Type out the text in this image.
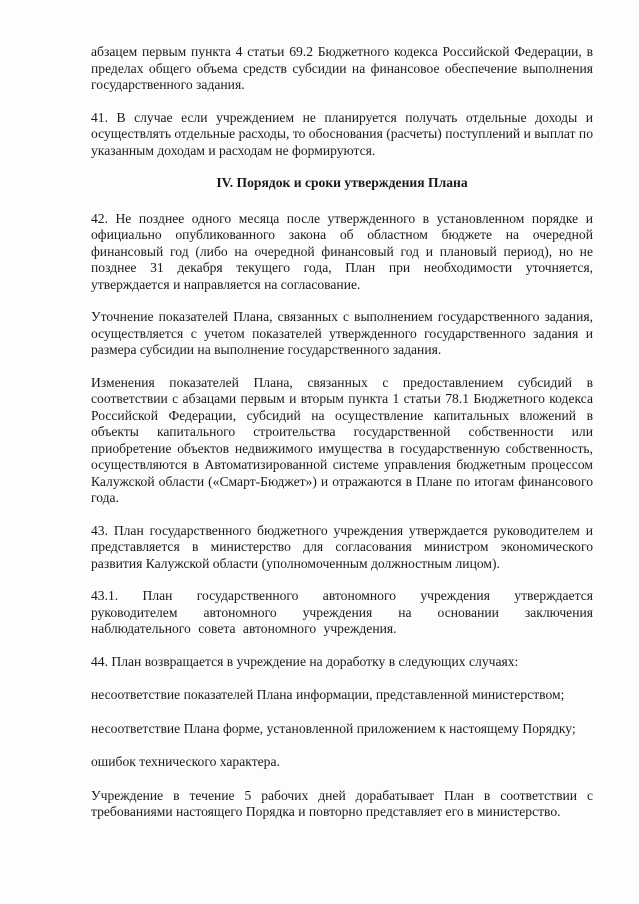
абзацем первым пункта 4 статьи 69.2 Бюджетного кодекса Российской Федерации, в пределах общего объема средств субсидии на финансовое обеспечение выполнения государственного задания.

41. В случае если учреждением не планируется получать отдельные доходы и осуществлять отдельные расходы, то обоснования (расчеты) поступлений и выплат по указанным доходам и расходам не формируются.

IV. Порядок и сроки утверждения Плана

42. Не позднее одного месяца после утвержденного в установленном порядке и официально опубликованного закона об областном бюджете на очередной финансовый год (либо на очередной финансовый год и плановый период), но не позднее 31 декабря текущего года, План при необходимости уточняется, утверждается и направляется на согласование.

Уточнение показателей Плана, связанных с выполнением государственного задания, осуществляется с учетом показателей утвержденного государственного задания и размера субсидии на выполнение государственного задания.

Изменения показателей Плана, связанных с предоставлением субсидий в соответствии с абзацами первым и вторым пункта 1 статьи 78.1 Бюджетного кодекса Российской Федерации, субсидий на осуществление капитальных вложений в объекты капитального строительства государственной собственности или приобретение объектов недвижимого имущества в государственную собственность, осуществляются в Автоматизированной системе управления бюджетным процессом Калужской области («Смарт-Бюджет») и отражаются в Плане по итогам финансового года.

43. План государственного бюджетного учреждения утверждается руководителем и представляется в министерство для согласования министром экономического развития Калужской области (уполномоченным должностным лицом).

43.1. План государственного автономного учреждения утверждается руководителем автономного учреждения на основании заключения наблюдательного совета автономного учреждения.

44. План возвращается в учреждение на доработку в следующих случаях:

несоответствие показателей Плана информации, представленной министерством;

несоответствие Плана форме, установленной приложением к настоящему Порядку;

ошибок технического характера.

Учреждение в течение 5 рабочих дней дорабатывает План в соответствии с требованиями настоящего Порядка и повторно представляет его в министерство.
